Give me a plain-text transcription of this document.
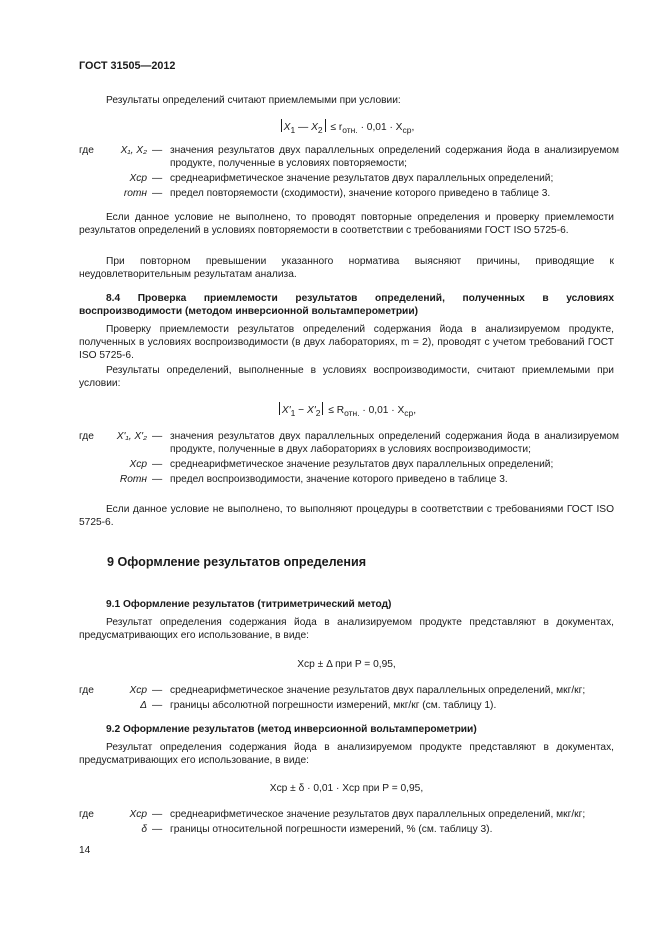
ГОСТ 31505—2012
Результаты определений считают приемлемыми при условии:
$X_1$ — $X_2 \le r_{отн.} \cdot 0,01 \cdot X_{ср}$,
где	X₁, X₂	—	значения результатов двух параллельных определений содержания йода в анализируемом продукте, полученные в условиях повторяемости;
	Xср	—	среднеарифметическое значение результатов двух параллельных определений;
	rотн	—	предел повторяемости (сходимости), значение которого приведено в таблице 3.
Если данное условие не выполнено, то проводят повторные определения и проверку приемлемости результатов определений в условиях повторяемости в соответствии с требованиями ГОСТ ISO 5725-6.
При повторном превышении указанного норматива выясняют причины, приводящие к неудовлетворительным результатам анализа.
8.4 Проверка приемлемости результатов определений, полученных в условиях воспроизводимости (методом инверсионной вольтамперометрии)
Проверку приемлемости результатов определений содержания йода в анализируемом продукте, полученных в условиях воспроизводимости (в двух лабораториях, m = 2), проводят с учетом требований ГОСТ ISO 5725-6.
Результаты определений, выполненные в условиях воспроизводимости, считают приемлемыми при условии:
$X'_1 - X'_2 \le R_{отн.} \cdot 0,01 \cdot X_{ср}$,
где	X'₁, X'₂	—	значения результатов двух параллельных определений содержания йода в анализируемом продукте, полученные в двух лабораториях в условиях воспроизводимости;
	Xср	—	среднеарифметическое значение результатов двух параллельных определений;
	Rотн	—	предел воспроизводимости, значение которого приведено в таблице 3.
Если данное условие не выполнено, то выполняют процедуры в соответствии с требованиями ГОСТ ISO 5725-6.
9 Оформление результатов определения
9.1 Оформление результатов (титриметрический метод)
Результат определения содержания йода в анализируемом продукте представляют в документах, предусматривающих его использование, в виде:
Xср ± Δ при P = 0,95,
где	Xср	—	среднеарифметическое значение результатов двух параллельных определений, мкг/кг;
	Δ	—	границы абсолютной погрешности измерений, мкг/кг (см. таблицу 1).
9.2 Оформление результатов (метод инверсионной вольтамперометрии)
Результат определения содержания йода в анализируемом продукте представляют в документах, предусматривающих его использование, в виде:
Xср ± δ · 0,01 · Xср при P = 0,95,
где	Xср	—	среднеарифметическое значение результатов двух параллельных определений, мкг/кг;
	δ	—	границы относительной погрешности измерений, % (см. таблицу 3).
14
